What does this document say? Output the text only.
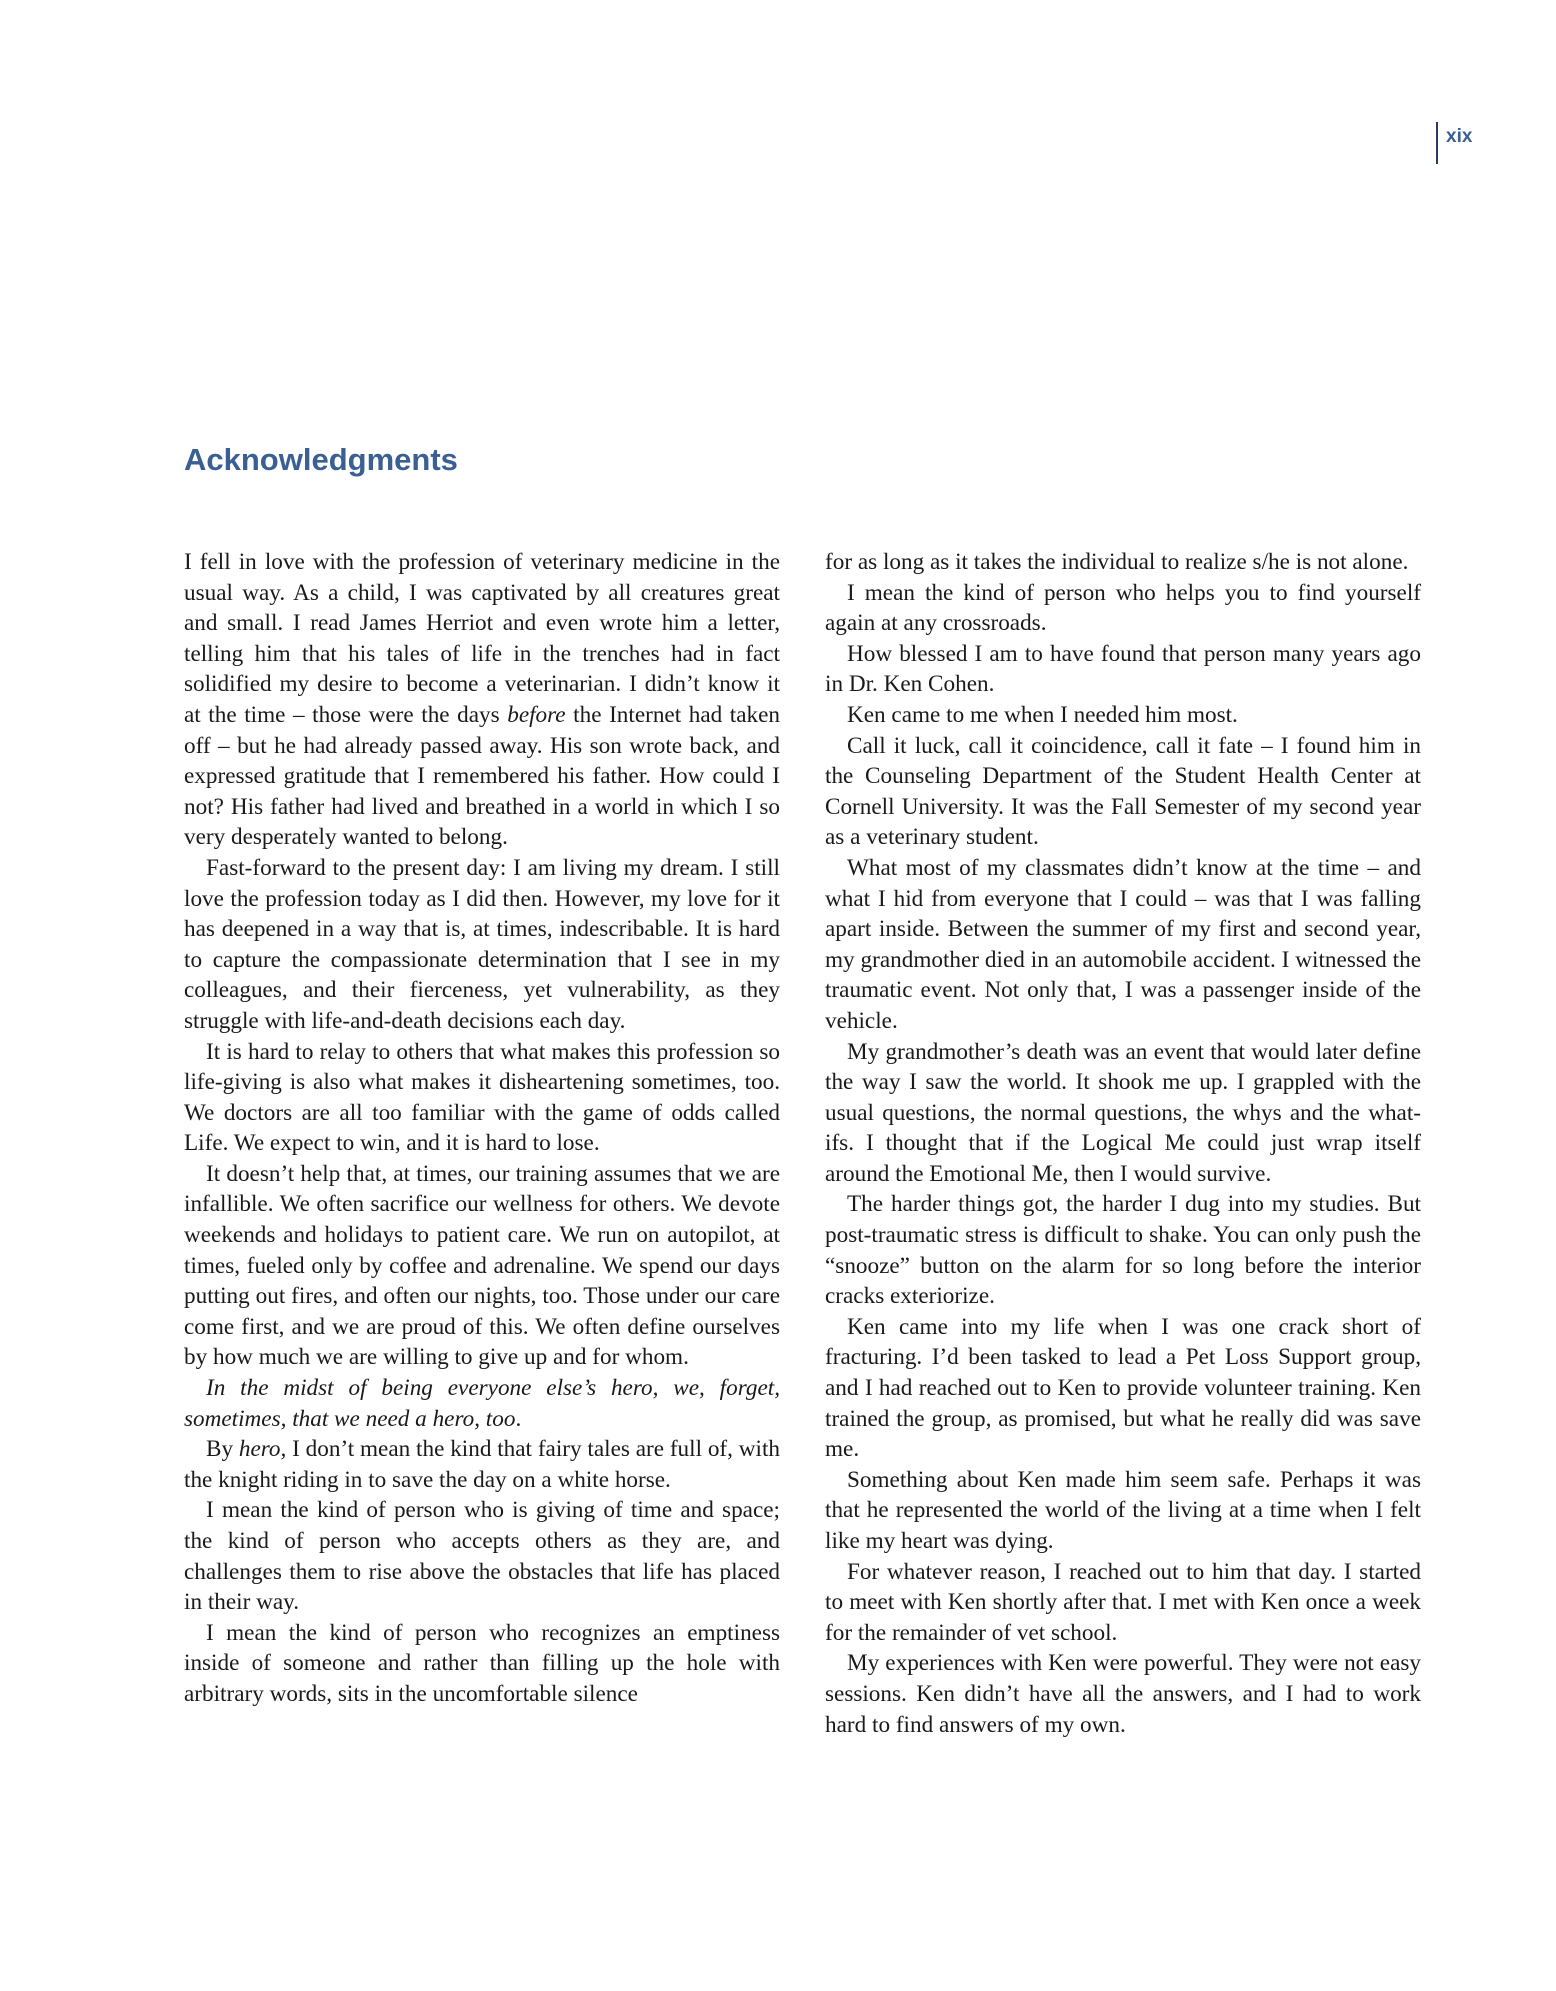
xix
Acknowledgments

I fell in love with the profession of veterinary medicine in the usual way. As a child, I was captivated by all creatures great and small. I read James Herriot and even wrote him a letter, telling him that his tales of life in the trenches had in fact solidified my desire to become a veterinarian. I didn’t know it at the time – those were the days before the Internet had taken off – but he had already passed away. His son wrote back, and expressed gratitude that I remembered his father. How could I not? His father had lived and breathed in a world in which I so very desperately wanted to belong.

Fast-forward to the present day: I am living my dream. I still love the profession today as I did then. However, my love for it has deepened in a way that is, at times, indescribable. It is hard to capture the compassionate determination that I see in my colleagues, and their fierceness, yet vulnerability, as they struggle with life-and-death decisions each day.

It is hard to relay to others that what makes this profession so life-giving is also what makes it disheartening sometimes, too. We doctors are all too familiar with the game of odds called Life. We expect to win, and it is hard to lose.

It doesn’t help that, at times, our training assumes that we are infallible. We often sacrifice our wellness for others. We devote weekends and holidays to patient care. We run on autopilot, at times, fueled only by coffee and adrenaline. We spend our days putting out fires, and often our nights, too. Those under our care come first, and we are proud of this. We often define ourselves by how much we are willing to give up and for whom.

In the midst of being everyone else’s hero, we, forget, sometimes, that we need a hero, too.

By hero, I don’t mean the kind that fairy tales are full of, with the knight riding in to save the day on a white horse.

I mean the kind of person who is giving of time and space; the kind of person who accepts others as they are, and challenges them to rise above the obstacles that life has placed in their way.

I mean the kind of person who recognizes an emptiness inside of someone and rather than filling up the hole with arbitrary words, sits in the uncomfortable silence

for as long as it takes the individual to realize s/he is not alone.

I mean the kind of person who helps you to find yourself again at any crossroads.

How blessed I am to have found that person many years ago in Dr. Ken Cohen.

Ken came to me when I needed him most.

Call it luck, call it coincidence, call it fate – I found him in the Counseling Department of the Student Health Center at Cornell University. It was the Fall Semester of my second year as a veterinary student.

What most of my classmates didn’t know at the time – and what I hid from everyone that I could – was that I was falling apart inside. Between the summer of my first and second year, my grandmother died in an automobile accident. I witnessed the traumatic event. Not only that, I was a passenger inside of the vehicle.

My grandmother’s death was an event that would later define the way I saw the world. It shook me up. I grappled with the usual questions, the normal questions, the whys and the what-ifs. I thought that if the Logical Me could just wrap itself around the Emotional Me, then I would survive.

The harder things got, the harder I dug into my studies. But post-traumatic stress is difficult to shake. You can only push the “snooze” button on the alarm for so long before the interior cracks exteriorize.

Ken came into my life when I was one crack short of fracturing. I’d been tasked to lead a Pet Loss Support group, and I had reached out to Ken to provide volunteer training. Ken trained the group, as promised, but what he really did was save me.

Something about Ken made him seem safe. Perhaps it was that he represented the world of the living at a time when I felt like my heart was dying.

For whatever reason, I reached out to him that day. I started to meet with Ken shortly after that. I met with Ken once a week for the remainder of vet school.

My experiences with Ken were powerful. They were not easy sessions. Ken didn’t have all the answers, and I had to work hard to find answers of my own.
